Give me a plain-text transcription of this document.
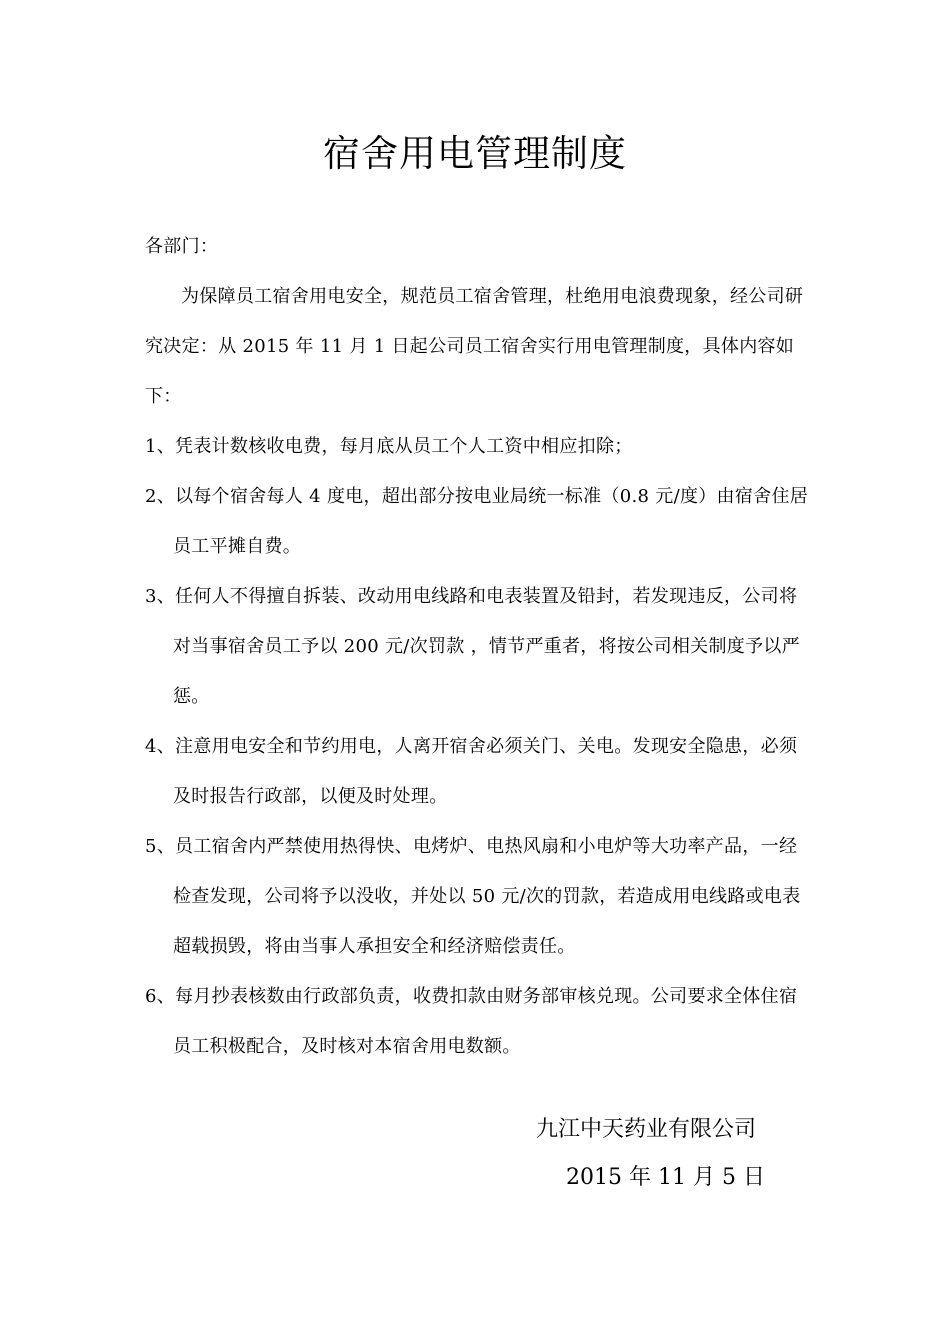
宿舍用电管理制度

各部门：

为保障员工宿舍用电安全，规范员工宿舍管理，杜绝用电浪费现象，经公司研究决定：从 2015 年 11 月 1 日起公司员工宿舍实行用电管理制度，具体内容如下：

1、凭表计数核收电费，每月底从员工个人工资中相应扣除；
2、以每个宿舍每人 4 度电，超出部分按电业局统一标准（0.8 元/度）由宿舍住居员工平摊自费。
3、任何人不得擅自拆装、改动用电线路和电表装置及铅封，若发现违反，公司将对当事宿舍员工予以 200 元/次罚款 ，情节严重者，将按公司相关制度予以严惩。
4、注意用电安全和节约用电，人离开宿舍必须关门、关电。发现安全隐患，必须及时报告行政部，以便及时处理。
5、员工宿舍内严禁使用热得快、电烤炉、电热风扇和小电炉等大功率产品，一经检查发现，公司将予以没收，并处以 50 元/次的罚款，若造成用电线路或电表超载损毁，将由当事人承担安全和经济赔偿责任。
6、每月抄表核数由行政部负责，收费扣款由财务部审核兑现。公司要求全体住宿员工积极配合，及时核对本宿舍用电数额。
九江中天药业有限公司
2015 年 11 月 5 日
